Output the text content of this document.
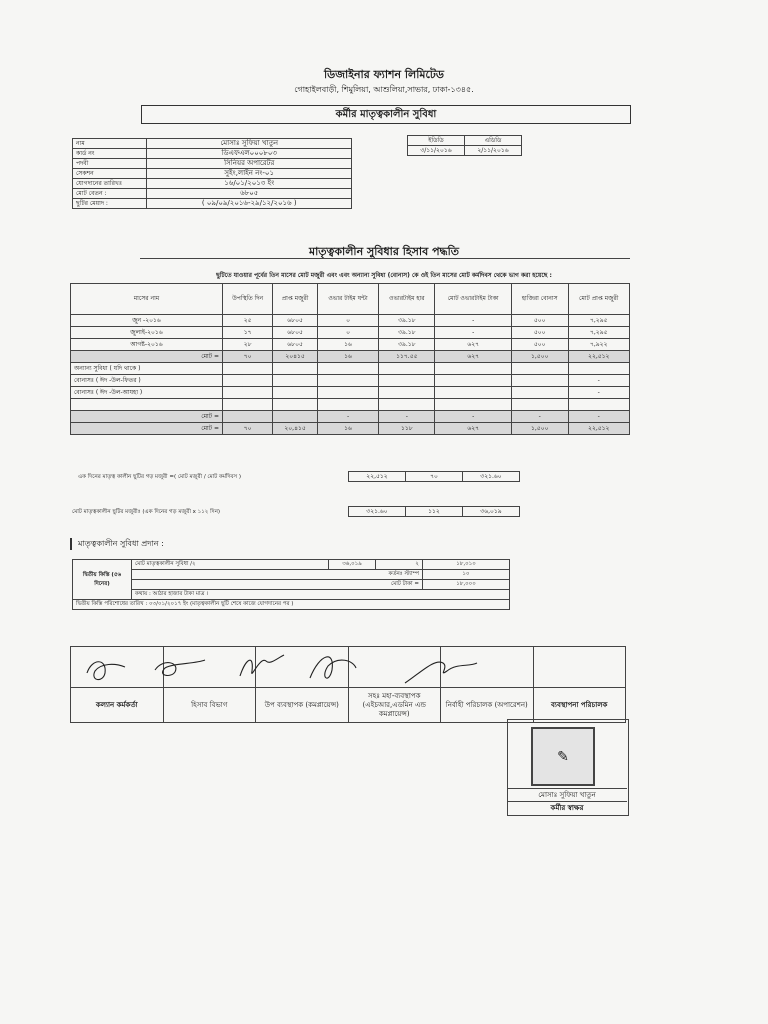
ডিজাইনার ফ্যাশন লিমিটেড
গোহাইলবাড়ী, শিমুলিয়া, আশুলিয়া,সাভার, ঢাকা-১৩৪৫.
কর্মীর মাতৃত্বকালীন সুবিধা
নাম	মোসাঃ সুফিয়া খাতুন
কার্ড নং	ডিএফএল০০০৮০৩
পদবী	সিনিয়র অপারেটর
সেকশন	সুইং,লাইন নং-০১
যোগদানের তারিখঃ	১৬/০১/২০১৩ ইং
মোট বেতন :	৬৮০৫
ছুটির মেয়াদ :	( ০৯/০৯/২০১৬-২৯/১২/২০১৬ )
ইডিডি	এডিডি
৩/১১/২০১৬	২/১১/২০১৬
মাতৃত্বকালীন সুবিধার হিসাব পদ্ধতি
ছুটিতে যাওয়ার পূর্বের তিন মাসের মোট মজুরী এবং এবং অন্যান্য সুবিধা (বোনাস) কে ওই তিন মাসের মোট কর্মদিবস থেকে ভাগ করা হয়েছে :
মাসের নাম	উপস্থিতি দিন	প্রাপ্ত মজুরী	ওভার টাইম ঘন্টা	ওভারটাইম হার	মোট ওভারটাইম টাকা	হাজিরা বোনাস	মোট প্রাপ্ত মজুরী
জুন -২০১৬	২৫	৬৮০৫	০	৩৯.১৮	-	৫০০	৭,২৯৫
জুলাই-২০১৬	১৭	৬৮০৫	০	৩৯.১৮	-	৫০০	৭,২৯৫
আগষ্ট-২০১৬	২৮	৬৮০৫	১৬	৩৯.১৮	৬২৭	৫০০	৭,৯২২
মোট =	৭০	২০৪১৫	১৬	১১৭.৫৫	৬২৭	১,৫০০	২২,৫১২
অন্যান্য সুবিধা ( যদি থাকে )							
বোনাসঃ ( ঈদ -উল-ফিতর )							-
বোনাসঃ ( ঈদ -উল-আযহা )							-

মোট =			-	-	-	-	-
মোট =	৭০	২০,৪১৫	১৬	১১৮	৬২৭	১,৫০০	২২,৫১২
এক দিনের মাতৃত্ব কালীন ছুটির গড় মজুরী =( মোট মজুরী / মোট কর্মদিবস )	২২,৫১২	৭০	৩২১.৬০
মোট মাতৃত্বকালীন ছুটির মজুরীঃ (এক দিনের গড় মজুরী x ১১২ দিন)	৩২১.৬০	১১২	৩৬,০১৯
মাতৃত্বকালীন সুবিধা প্রদান :
দ্বিতীয় কিস্তি (৫৬ দিনের)	মোট মাতৃত্বকালীন সুবিধা /২	৩৬,০১৯	২	১৮,০১০
	কর্তনঃ স্ট্যাম্প			১০
	মোট টাকা =			১৮,০০০
	কথায় : আঠার হাজার টাকা মাত্র ।			
দ্বিতীয় কিস্তি পরিশোধের তারিখ : ০৩/০১/২০১৭ ইং (মাতৃত্বকালীন ছুটি শেষে কাজে যোগদানের পর )				

কল্যান কর্মকর্তা	হিসাব বিভাগ	উপ ব্যবস্থাপক (কমপ্লায়েন্স)	সহঃ মহা-ব্যবস্থাপক (এইচআর,এডমিন এন্ড কমপ্লায়েন্স)	নির্বাহী পরিচালক (অপারেশন)	ব্যবস্থাপনা পরিচালক
✎
মোসাঃ সুফিয়া খাতুন
কর্মীর স্বাক্ষর
